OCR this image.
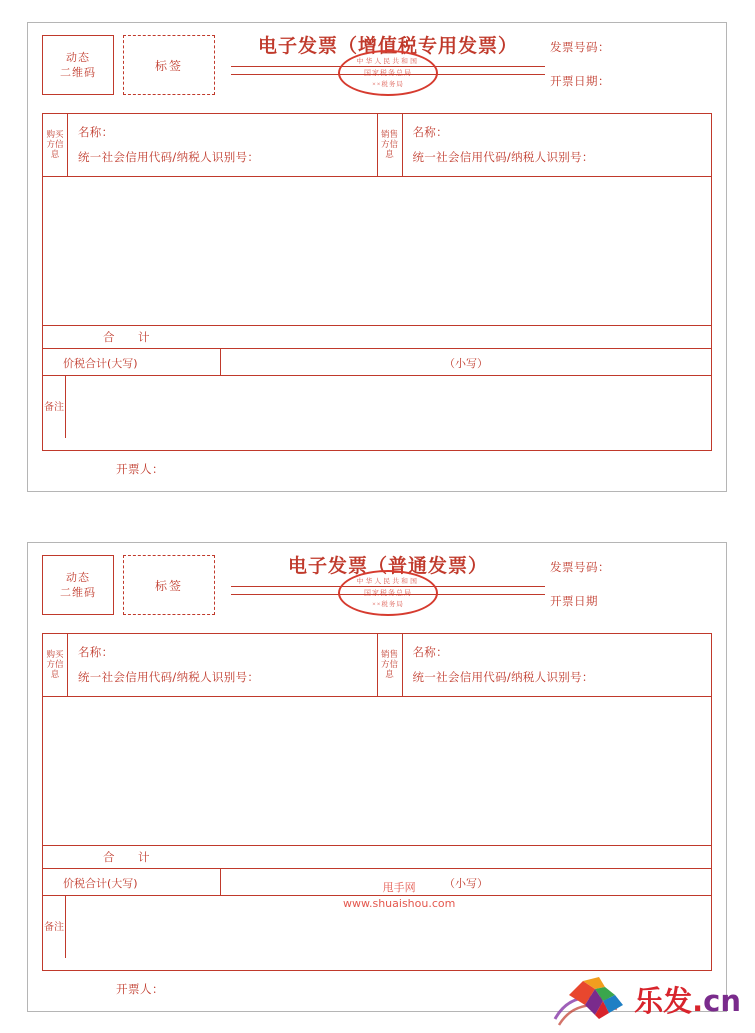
动态
二维码	标签
电子发票（增值税专用发票）
中华人民共和国
国家税务总局
××税务局
发票号码：
开票日期：
购买方信息
名称：
统一社会信用代码/纳税人识别号：
销售方信息
名称：
统一社会信用代码/纳税人识别号：
合　计
价税合计(大写)	（小写）
备注
开票人：
动态
二维码	标签
电子发票（普通发票）
中华人民共和国
国家税务总局
××税务局
发票号码：
开票日期
购买方信息
名称：
统一社会信用代码/纳税人识别号：
销售方信息
名称：
统一社会信用代码/纳税人识别号：
合　计
价税合计(大写)	（小写）
备注
开票人：
甩手网
www.shuaishou.com
乐发.cn
